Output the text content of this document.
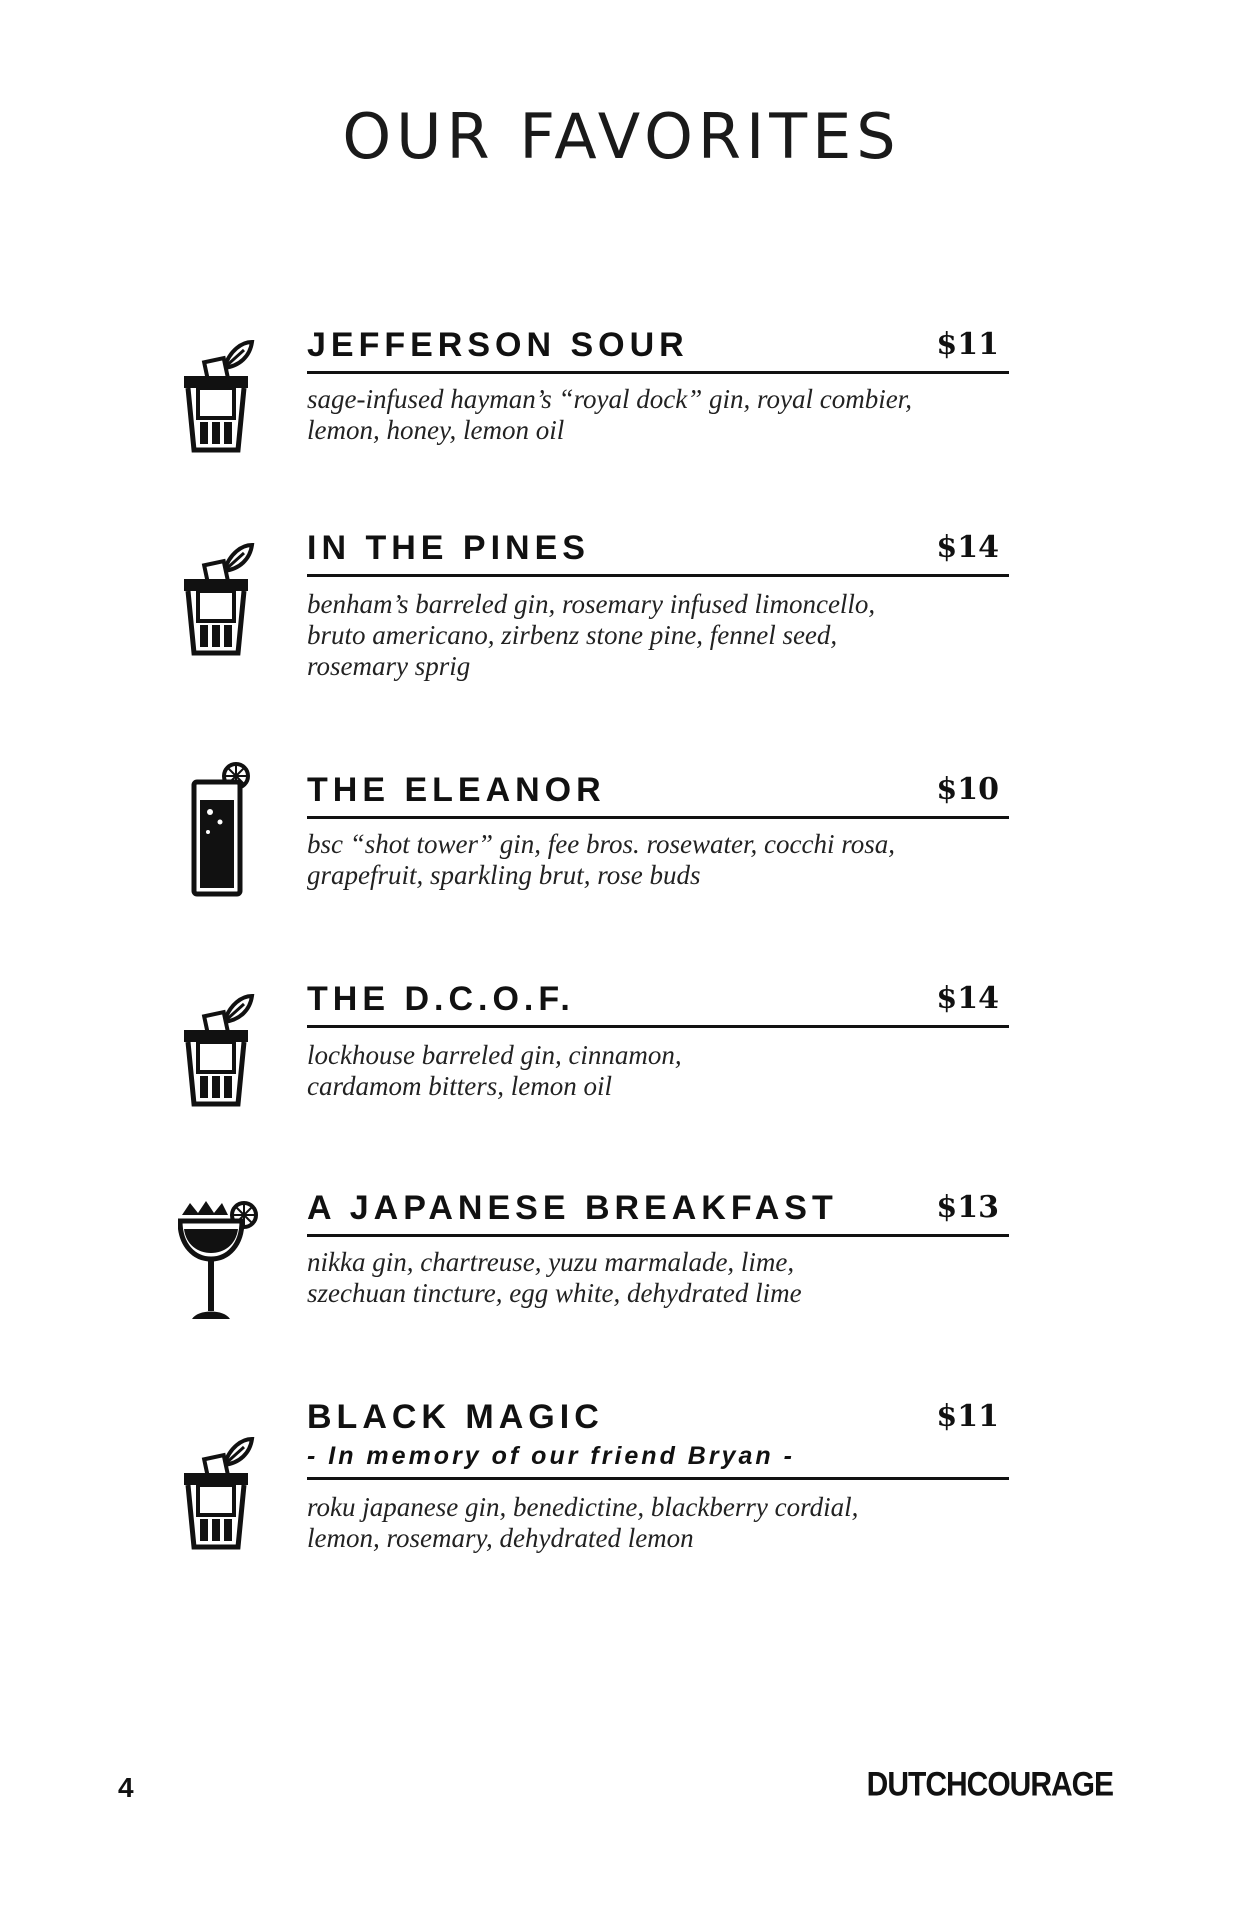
OUR FAVORITES
JEFFERSON SOUR	$11
sage-infused hayman’s “royal dock” gin, royal combier,
lemon, honey, lemon oil
IN THE PINES	$14
benham’s barreled gin, rosemary infused limoncello,
bruto americano, zirbenz stone pine, fennel seed,
rosemary sprig
THE ELEANOR	$10
bsc “shot tower” gin, fee bros. rosewater, cocchi rosa,
grapefruit, sparkling brut, rose buds
THE D.C.O.F.	$14
lockhouse barreled gin, cinnamon,
cardamom bitters, lemon oil
A JAPANESE BREAKFAST	$13
nikka gin, chartreuse, yuzu marmalade, lime,
szechuan tincture, egg white, dehydrated lime
BLACK MAGIC
- In memory of our friend Bryan -
$11
roku japanese gin, benedictine, blackberry cordial,
lemon, rosemary, dehydrated lemon
4	DUTCHCOURAGE
